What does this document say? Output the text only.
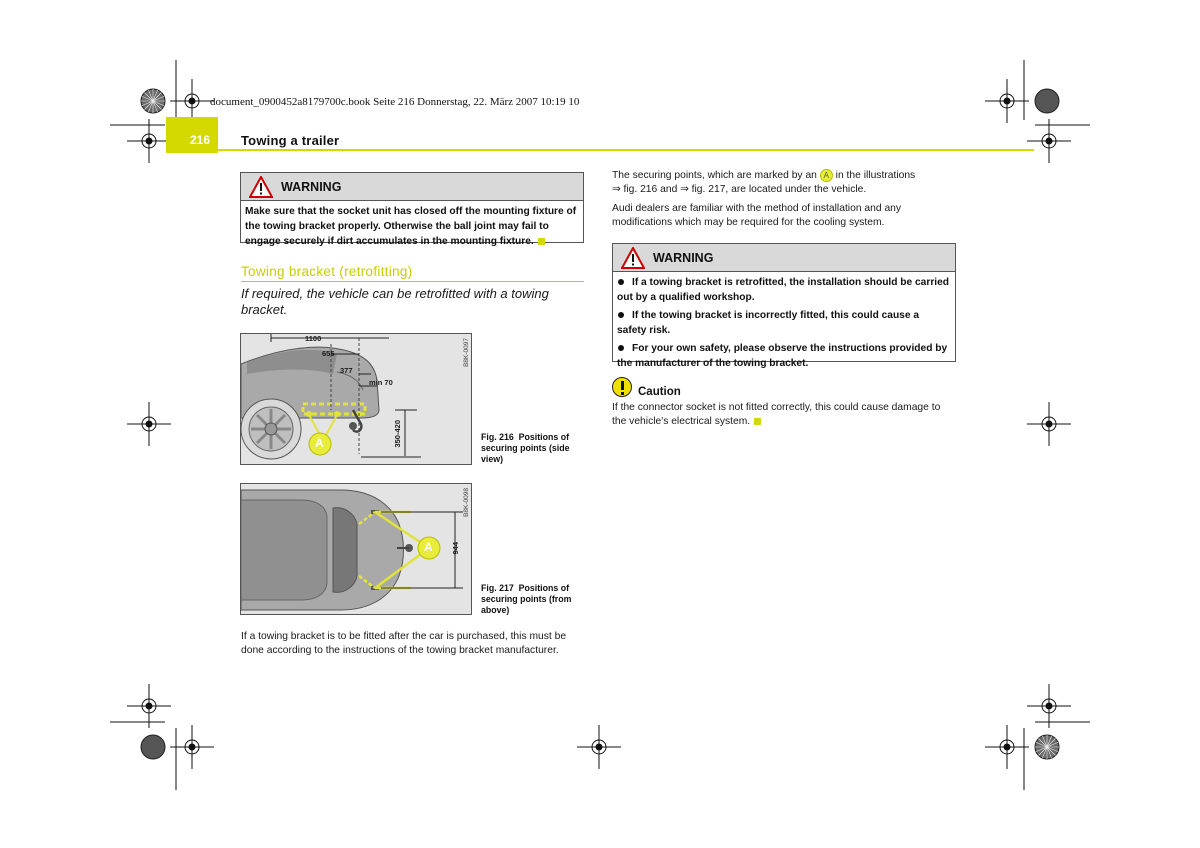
document_0900452a8179700c.book Seite 216 Donnerstag, 22. März 2007 10:19 10
216 Towing a trailer
WARNING
Make sure that the socket unit has closed off the mounting fixture of the towing bracket properly. Otherwise the ball joint may fail to engage securely if dirt accumulates in the mounting fixture.
Towing bracket (retrofitting)
If required, the vehicle can be retrofitted with a towing bracket.
1100
655
377
min 70
350-420
A
B8K-0097
Fig. 216 Positions of securing points (side view)
944
A
B8K-0098
Fig. 217 Positions of securing points (from above)
If a towing bracket is to be fitted after the car is purchased, this must be done according to the instructions of the towing bracket manufacturer.
The securing points, which are marked by an A in the illustrations
⇒ fig. 216 and ⇒ fig. 217, are located under the vehicle.
Audi dealers are familiar with the method of installation and any modifications which may be required for the cooling system.
WARNING
If a towing bracket is retrofitted, the installation should be carried out by a qualified workshop.
If the towing bracket is incorrectly fitted, this could cause a safety risk.
For your own safety, please observe the instructions provided by the manufacturer of the towing bracket.
Caution
If the connector socket is not fitted correctly, this could cause damage to the vehicle's electrical system.
